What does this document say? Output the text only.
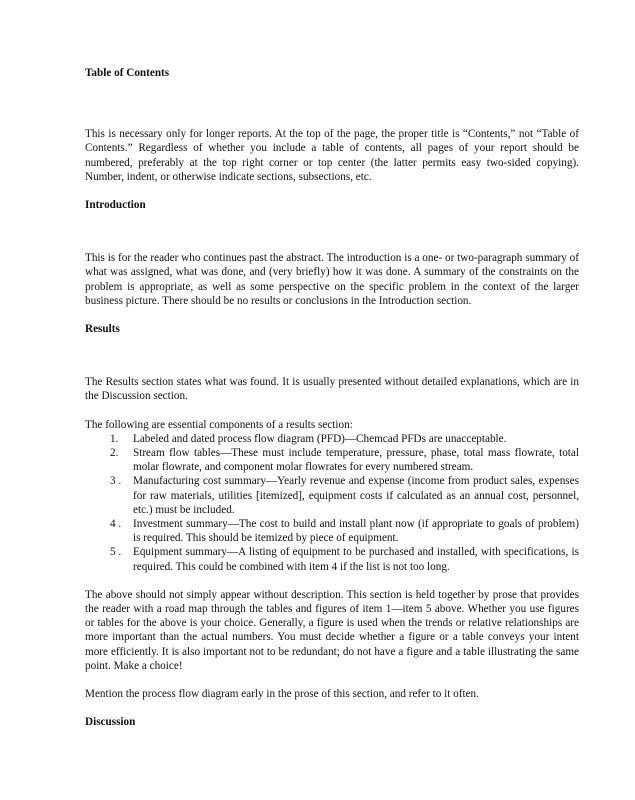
Table of Contents

This is necessary only for longer reports. At the top of the page, the proper title is “Contents,” not “Table of Contents.” Regardless of whether you include a table of contents, all pages of your report should be numbered, preferably at the top right corner or top center (the latter permits easy two-sided copying). Number, indent, or otherwise indicate sections, subsections, etc.

Introduction

This is for the reader who continues past the abstract. The introduction is a one- or two-paragraph summary of what was assigned, what was done, and (very briefly) how it was done. A summary of the constraints on the problem is appropriate, as well as some perspective on the specific problem in the context of the larger business picture. There should be no results or conclusions in the Introduction section.

Results

The Results section states what was found. It is usually presented without detailed explanations, which are in the Discussion section.

The following are essential components of a results section:

1. Labeled and dated process flow diagram (PFD)—Chemcad PFDs are unacceptable.
2. Stream flow tables—These must include temperature, pressure, phase, total mass flowrate, total molar flowrate, and component molar flowrates for every numbered stream.
3 . Manufacturing cost summary—Yearly revenue and expense (income from product sales, expenses for raw materials, utilities [itemized], equipment costs if calculated as an annual cost, personnel, etc.) must be included.
4 . Investment summary—The cost to build and install plant now (if appropriate to goals of problem) is required. This should be itemized by piece of equipment.
5 . Equipment summary—A listing of equipment to be purchased and installed, with specifications, is required. This could be combined with item 4 if the list is not too long.

The above should not simply appear without description. This section is held together by prose that provides the reader with a road map through the tables and figures of item 1—item 5 above. Whether you use figures or tables for the above is your choice. Generally, a figure is used when the trends or relative relationships are more important than the actual numbers. You must decide whether a figure or a table conveys your intent more efficiently. It is also important not to be redundant; do not have a figure and a table illustrating the same point. Make a choice!

Mention the process flow diagram early in the prose of this section, and refer to it often.

Discussion
